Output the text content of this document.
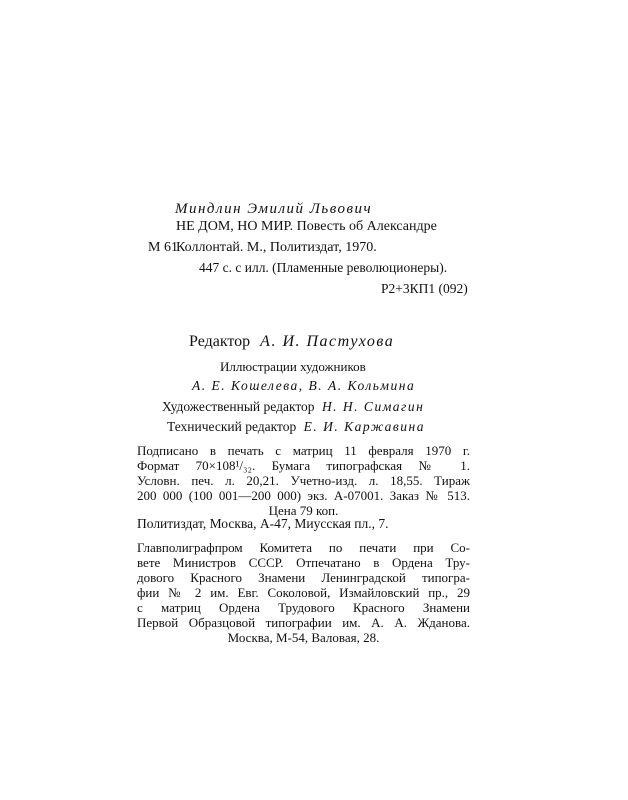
Миндлин Эмилий Львович
М 61
НЕ ДОМ, НО МИР. Повесть об Александре
Коллонтай. М., Политиздат, 1970.
447 с. с илл. (Пламенные революционеры).
Р2+3КП1 (092)
Редактор А. И. Пастухова
Иллюстрации художников
А. Е. Кошелева, В. А. Кольмина
Художественный редактор Н. Н. Симагин
Технический редактор Е. И. Каржавина
Подписано в печать с матриц 11 февраля 1970 г.
Формат 70×108¹/₃₂. Бумага типографская № 1.
Условн. печ. л. 20,21. Учетно-изд. л. 18,55. Тираж
200 000 (100 001—200 000) экз. А-07001. Заказ № 513.
Цена 79 коп.
Политиздат, Москва, А-47, Миусская пл., 7.
Главполиграфпром Комитета по печати при Со-
вете Министров СССР. Отпечатано в Ордена Тру-
дового Красного Знамени Ленинградской типогра-
фии № 2 им. Евг. Соколовой, Измайловский пр., 29
с матриц Ордена Трудового Красного Знамени
Первой Образцовой типографии им. А. А. Жданова.
Москва, М-54, Валовая, 28.
